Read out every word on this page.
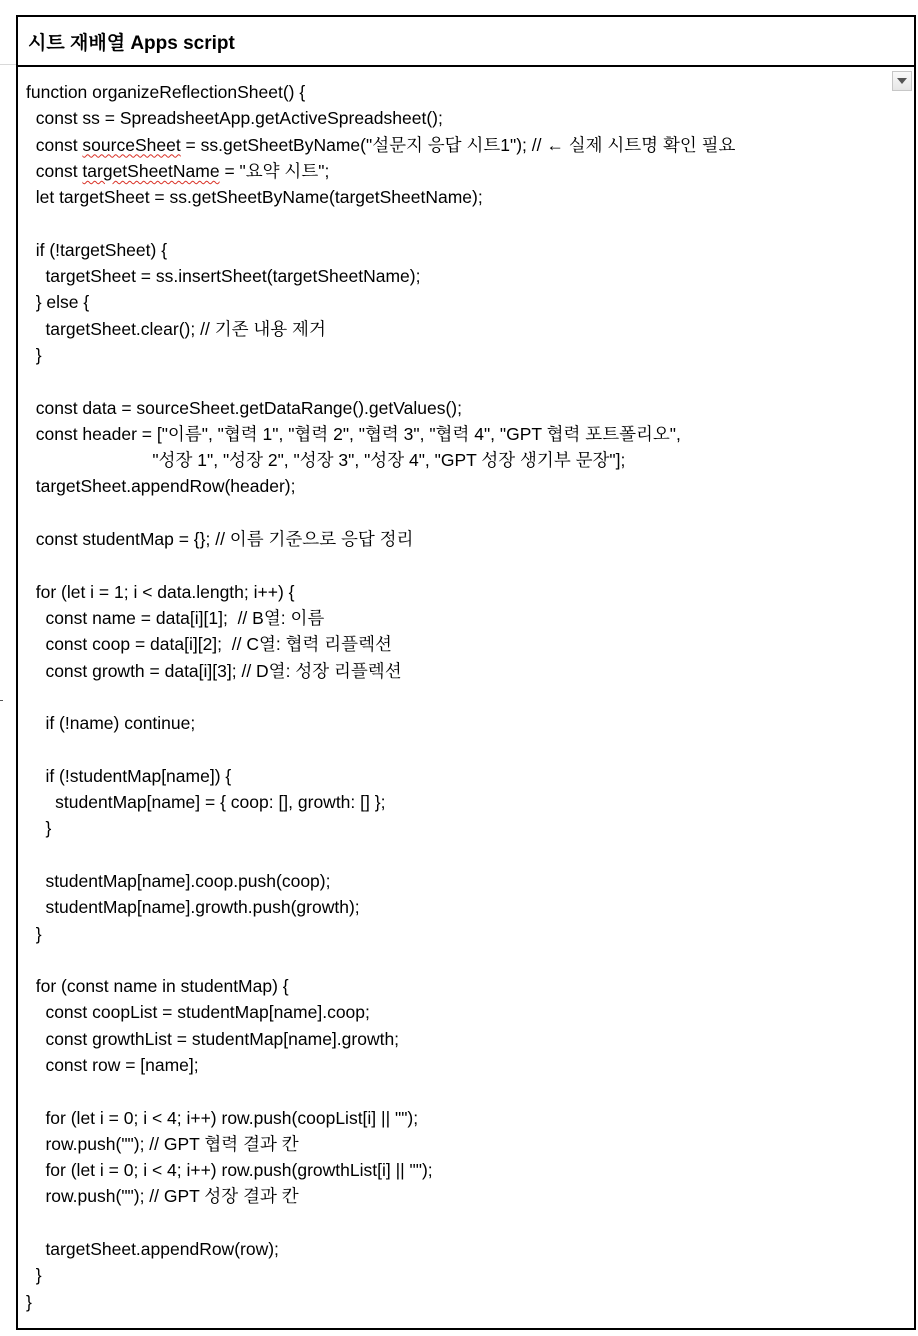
시트 재배열 Apps script
function organizeReflectionSheet() {
const ss = SpreadsheetApp.getActiveSpreadsheet();
const sourceSheet = ss.getSheetByName("설문지 응답 시트1"); // ← 실제 시트명 확인 필요
const targetSheetName = "요약 시트";
let targetSheet = ss.getSheetByName(targetSheetName);
if (!targetSheet) {
targetSheet = ss.insertSheet(targetSheetName);
} else {
targetSheet.clear(); // 기존 내용 제거
}
const data = sourceSheet.getDataRange().getValues();
const header = ["이름", "협력 1", "협력 2", "협력 3", "협력 4", "GPT 협력 포트폴리오",
"성장 1", "성장 2", "성장 3", "성장 4", "GPT 성장 생기부 문장"];
targetSheet.appendRow(header);
const studentMap = {}; // 이름 기준으로 응답 정리
for (let i = 1; i < data.length; i++) {
const name = data[i][1];  // B열: 이름
const coop = data[i][2];  // C열: 협력 리플렉션
const growth = data[i][3]; // D열: 성장 리플렉션
if (!name) continue;
if (!studentMap[name]) {
studentMap[name] = { coop: [], growth: [] };
}
studentMap[name].coop.push(coop);
studentMap[name].growth.push(growth);
}
for (const name in studentMap) {
const coopList = studentMap[name].coop;
const growthList = studentMap[name].growth;
const row = [name];
for (let i = 0; i < 4; i++) row.push(coopList[i] || "");
row.push(""); // GPT 협력 결과 칸
for (let i = 0; i < 4; i++) row.push(growthList[i] || "");
row.push(""); // GPT 성장 결과 칸
targetSheet.appendRow(row);
}
}
